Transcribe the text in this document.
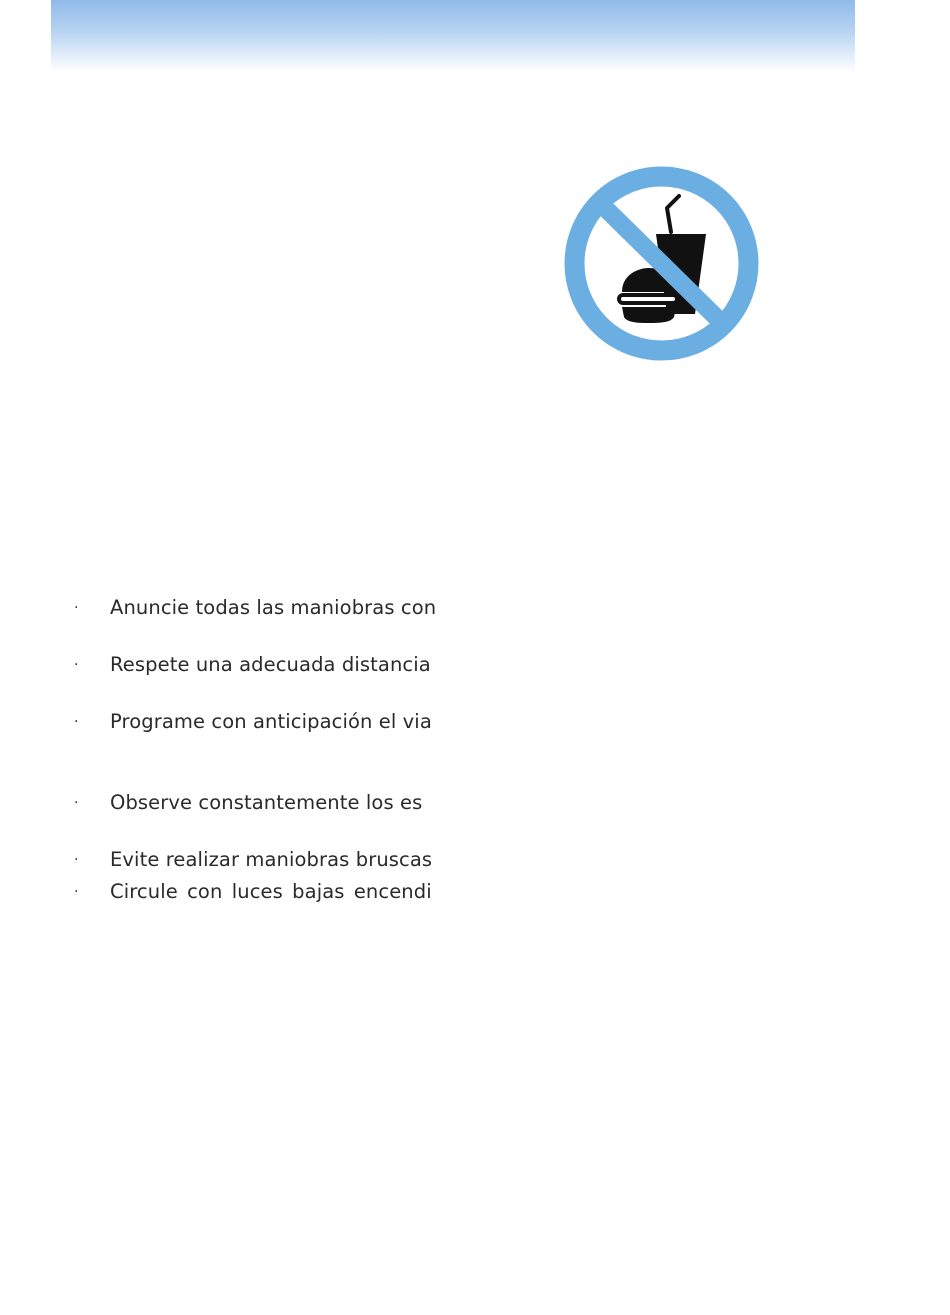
· Anuncie todas las maniobras con
· Respete una adecuada distancia
· Programe con anticipación el via
· Observe constantemente los es
· Evite realizar maniobras bruscas
· Circule con luces bajas encendi
